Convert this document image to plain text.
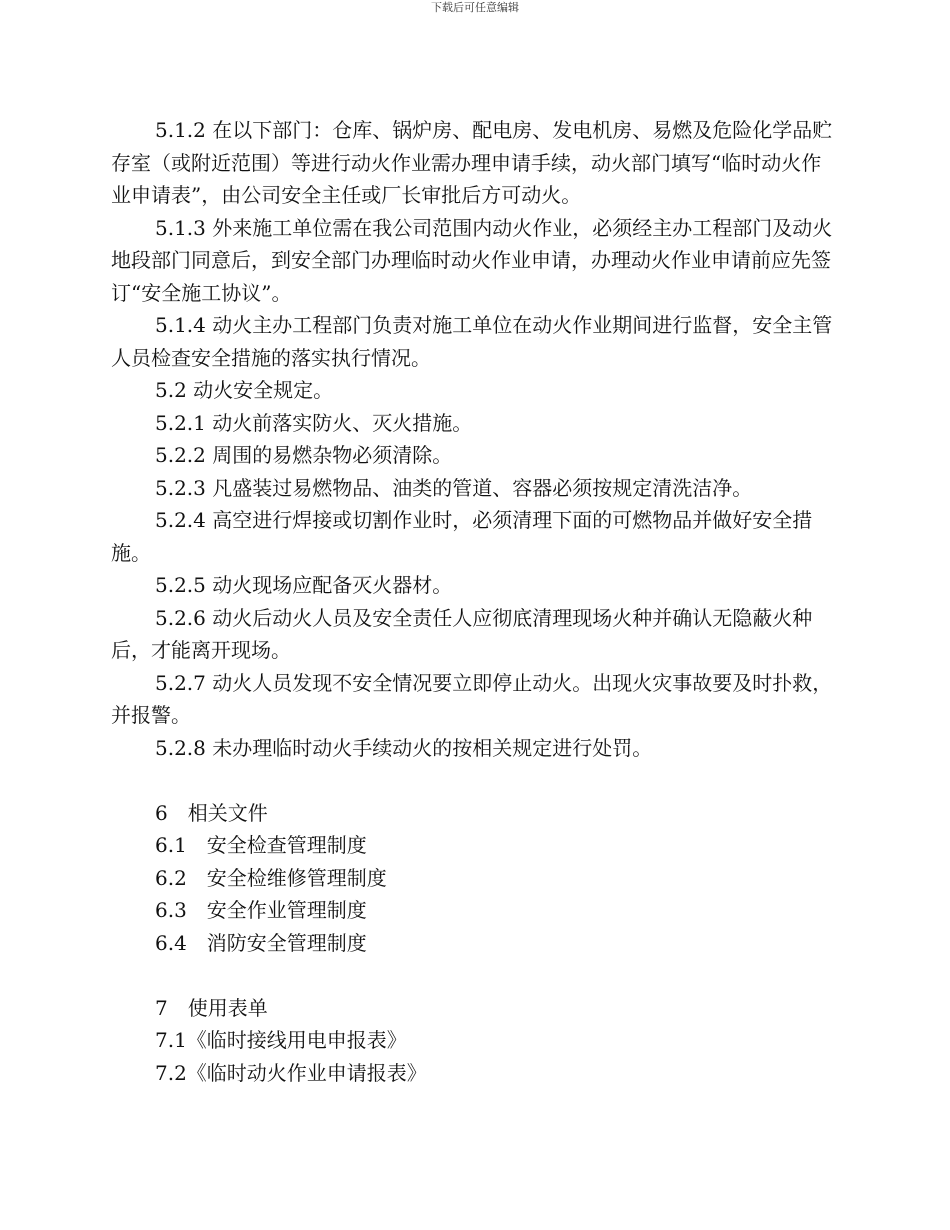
下载后可任意编辑

5.1.2 在以下部门：仓库、锅炉房、配电房、发电机房、易燃及危险化学品贮存室（或附近范围）等进行动火作业需办理申请手续，动火部门填写“临时动火作业申请表”，由公司安全主任或厂长审批后方可动火。

5.1.3 外来施工单位需在我公司范围内动火作业，必须经主办工程部门及动火地段部门同意后，到安全部门办理临时动火作业申请，办理动火作业申请前应先签订“安全施工协议”。

5.1.4 动火主办工程部门负责对施工单位在动火作业期间进行监督，安全主管人员检查安全措施的落实执行情况。

5.2 动火安全规定。

5.2.1 动火前落实防火、灭火措施。

5.2.2 周围的易燃杂物必须清除。

5.2.3 凡盛装过易燃物品、油类的管道、容器必须按规定清洗洁净。

5.2.4 高空进行焊接或切割作业时，必须清理下面的可燃物品并做好安全措施。

5.2.5 动火现场应配备灭火器材。

5.2.6 动火后动火人员及安全责任人应彻底清理现场火种并确认无隐蔽火种后，才能离开现场。

5.2.7 动火人员发现不安全情况要立即停止动火。出现火灾事故要及时扑救，并报警。

5.2.8 未办理临时动火手续动火的按相关规定进行处罚。

6　相关文件

6.1　安全检查管理制度

6.2　安全检维修管理制度

6.3　安全作业管理制度

6.4　消防安全管理制度

7　使用表单

7.1《临时接线用电申报表》

7.2《临时动火作业申请报表》
